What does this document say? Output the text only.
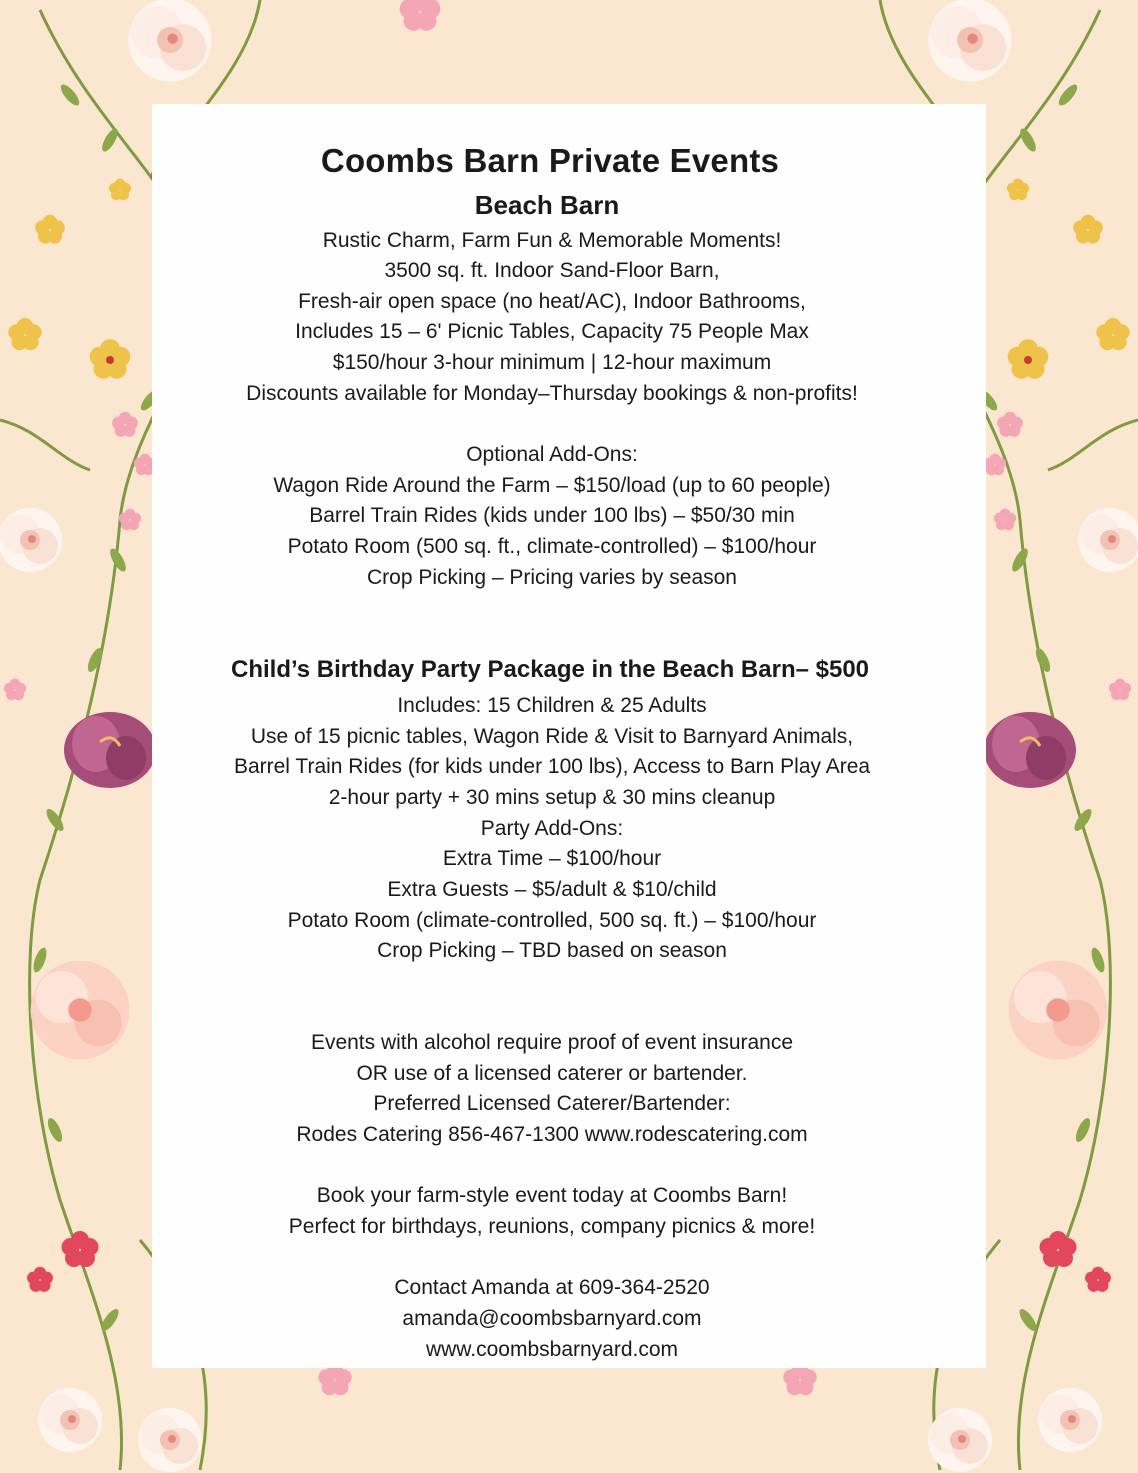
Coombs Barn Private Events
Beach Barn
Rustic Charm, Farm Fun & Memorable Moments!
3500 sq. ft. Indoor Sand-Floor Barn,
Fresh-air open space (no heat/AC), Indoor Bathrooms,
Includes 15 – 6' Picnic Tables, Capacity 75 People Max
$150/hour 3-hour minimum | 12-hour maximum
Discounts available for Monday–Thursday bookings & non-profits!
Optional Add-Ons:
Wagon Ride Around the Farm – $150/load (up to 60 people)
Barrel Train Rides (kids under 100 lbs) – $50/30 min
Potato Room (500 sq. ft., climate-controlled) – $100/hour
Crop Picking – Pricing varies by season
Child’s Birthday Party Package in the Beach Barn– $500
Includes: 15 Children & 25 Adults
Use of 15 picnic tables, Wagon Ride & Visit to Barnyard Animals,
Barrel Train Rides (for kids under 100 lbs), Access to Barn Play Area
2-hour party + 30 mins setup & 30 mins cleanup
Party Add-Ons:
Extra Time – $100/hour
Extra Guests – $5/adult & $10/child
Potato Room (climate-controlled, 500 sq. ft.) – $100/hour
Crop Picking – TBD based on season
Events with alcohol require proof of event insurance
OR use of a licensed caterer or bartender.
Preferred Licensed Caterer/Bartender:
Rodes Catering 856-467-1300 www.rodescatering.com
Book your farm-style event today at Coombs Barn!
Perfect for birthdays, reunions, company picnics & more!
Contact Amanda at 609-364-2520
amanda@coombsbarnyard.com
www.coombsbarnyard.com
